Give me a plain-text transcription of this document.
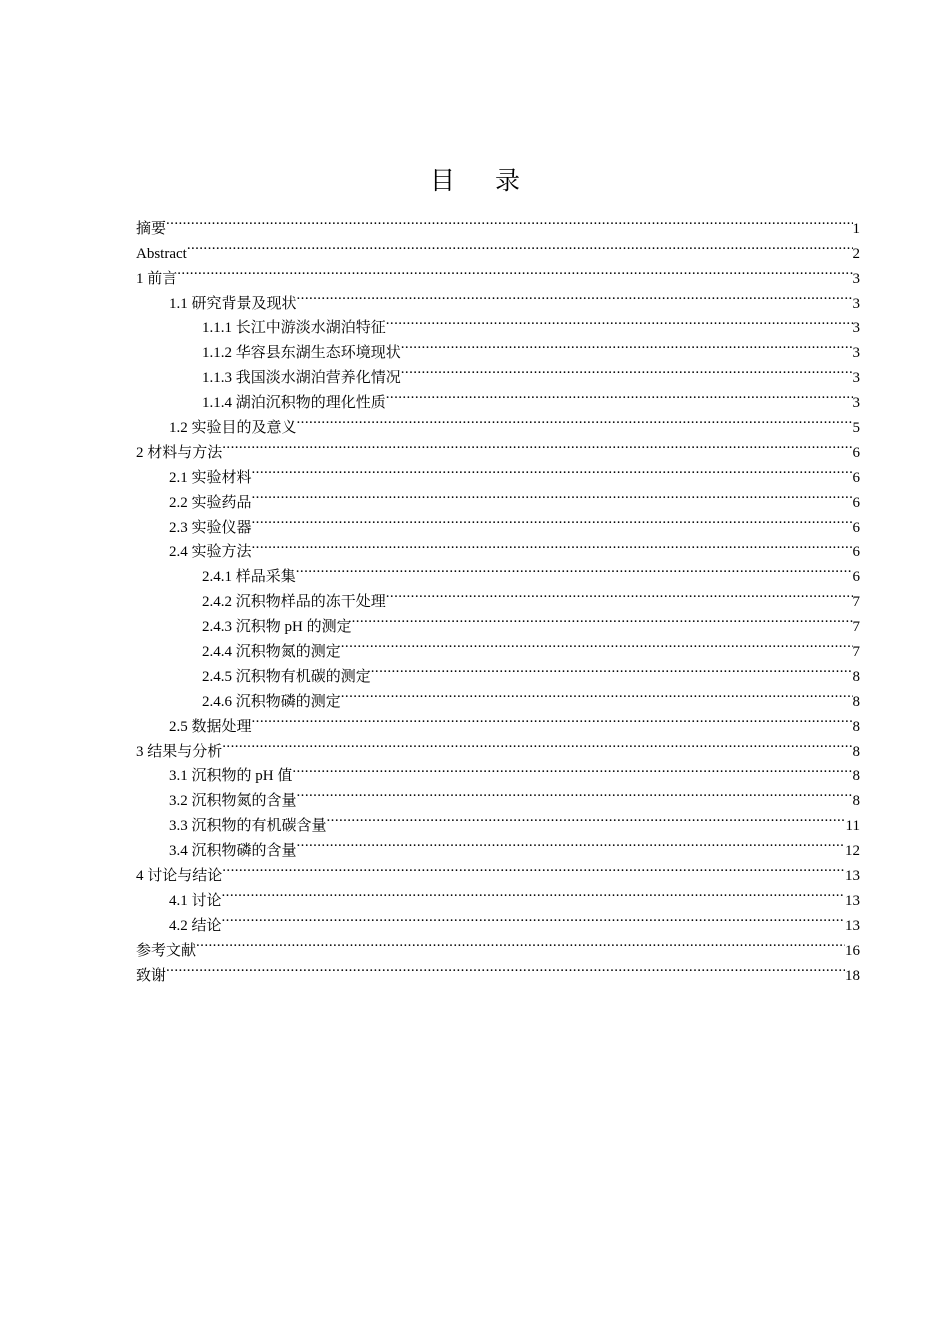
目录
摘要 .....	1
Abstract .....	2
1 前言 .....	3
1.1 研究背景及现状 .....	3
1.1.1 长江中游淡水湖泊特征 .....	3
1.1.2 华容县东湖生态环境现状 .....	3
1.1.3 我国淡水湖泊营养化情况 .....	3
1.1.4 湖泊沉积物的理化性质 .....	3
1.2 实验目的及意义 .....	5
2 材料与方法 .....	6
2.1 实验材料 .....	6
2.2 实验药品 .....	6
2.3 实验仪器 .....	6
2.4 实验方法 .....	6
2.4.1 样品采集 .....	6
2.4.2 沉积物样品的冻干处理 .....	7
2.4.3 沉积物 pH 的测定 .....	7
2.4.4 沉积物氮的测定 .....	7
2.4.5 沉积物有机碳的测定 .....	8
2.4.6 沉积物磷的测定 .....	8
2.5 数据处理 .....	8
3 结果与分析 .....	8
3.1 沉积物的 pH 值 .....	8
3.2 沉积物氮的含量 .....	8
3.3 沉积物的有机碳含量 .....	11
3.4 沉积物磷的含量 .....	12
4 讨论与结论 .....	13
4.1 讨论 .....	13
4.2 结论 .....	13
参考文献 .....	16
致谢 .....	18
